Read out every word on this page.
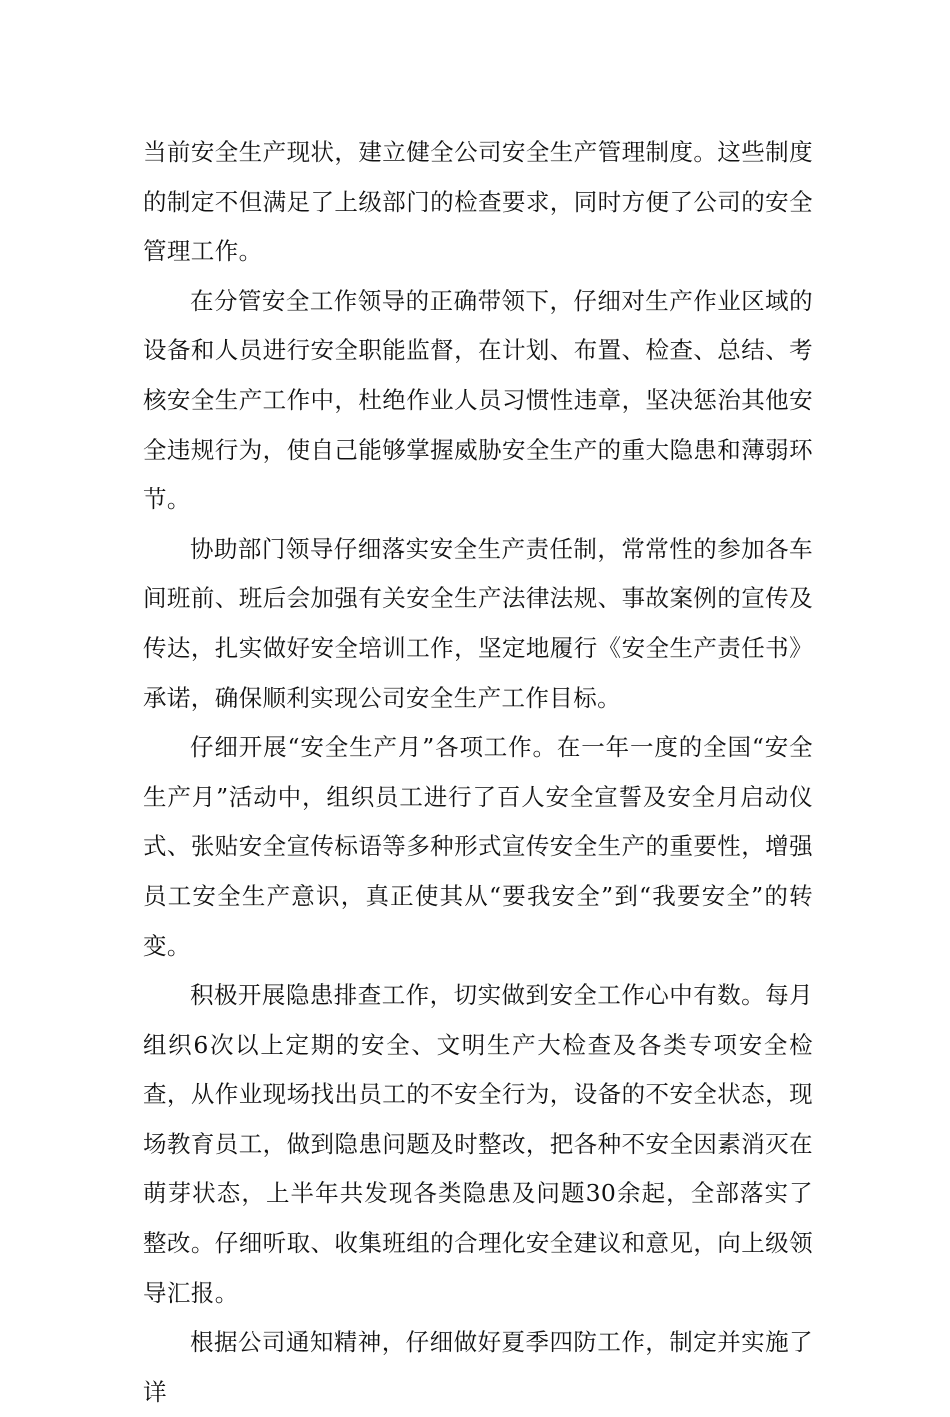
当前安全生产现状，建立健全公司安全生产管理制度。这些制度的制定不但满足了上级部门的检查要求，同时方便了公司的安全管理工作。

在分管安全工作领导的正确带领下，仔细对生产作业区域的设备和人员进行安全职能监督，在计划、布置、检查、总结、考核安全生产工作中，杜绝作业人员习惯性违章，坚决惩治其他安全违规行为，使自己能够掌握威胁安全生产的重大隐患和薄弱环节。

协助部门领导仔细落实安全生产责任制，常常性的参加各车间班前、班后会加强有关安全生产法律法规、事故案例的宣传及传达，扎实做好安全培训工作，坚定地履行《安全生产责任书》承诺，确保顺利实现公司安全生产工作目标。

仔细开展“安全生产月”各项工作。在一年一度的全国“安全生产月”活动中，组织员工进行了百人安全宣誓及安全月启动仪式、张贴安全宣传标语等多种形式宣传安全生产的重要性，增强员工安全生产意识，真正使其从“要我安全”到“我要安全”的转变。

积极开展隐患排查工作，切实做到安全工作心中有数。每月组织6次以上定期的安全、文明生产大检查及各类专项安全检查，从作业现场找出员工的不安全行为，设备的不安全状态，现场教育员工，做到隐患问题及时整改，把各种不安全因素消灭在萌芽状态，上半年共发现各类隐患及问题30余起，全部落实了整改。仔细听取、收集班组的合理化安全建议和意见，向上级领导汇报。

根据公司通知精神，仔细做好夏季四防工作，制定并实施了详
